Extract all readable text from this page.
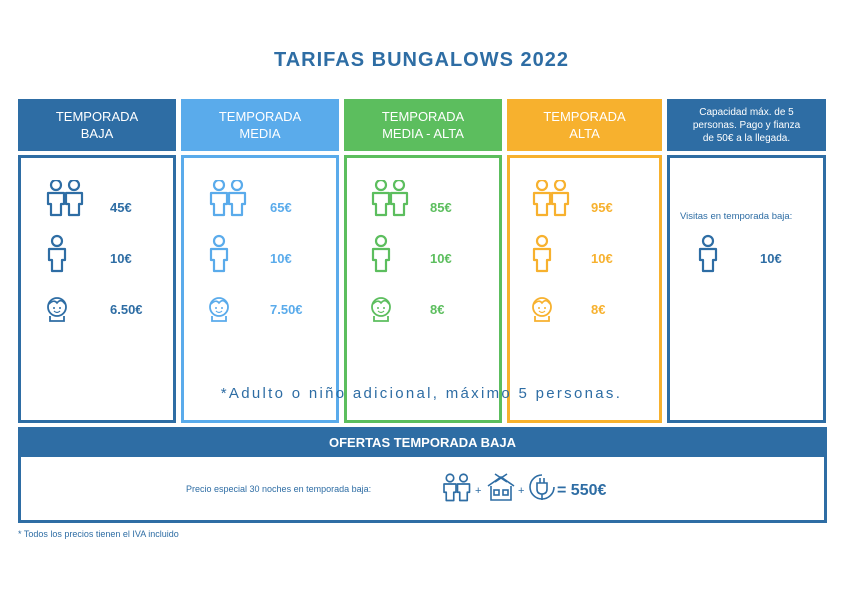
TARIFAS BUNGALOWS 2022
TEMPORADA
BAJA
TEMPORADA
MEDIA
TEMPORADA
MEDIA - ALTA
TEMPORADA
ALTA
Capacidad máx. de 5
personas. Pago y fianza
de 50€ a la llegada.
45€
10€
6.50€
65€
10€
7.50€
85€
10€
8€
95€
10€
8€
Visitas en temporada baja:
10€
*Adulto o niño adicional, máximo 5 personas.
OFERTAS TEMPORADA BAJA
Precio especial 30 noches en temporada baja:	+	+ = 550€
* Todos los precios tienen el IVA incluido
